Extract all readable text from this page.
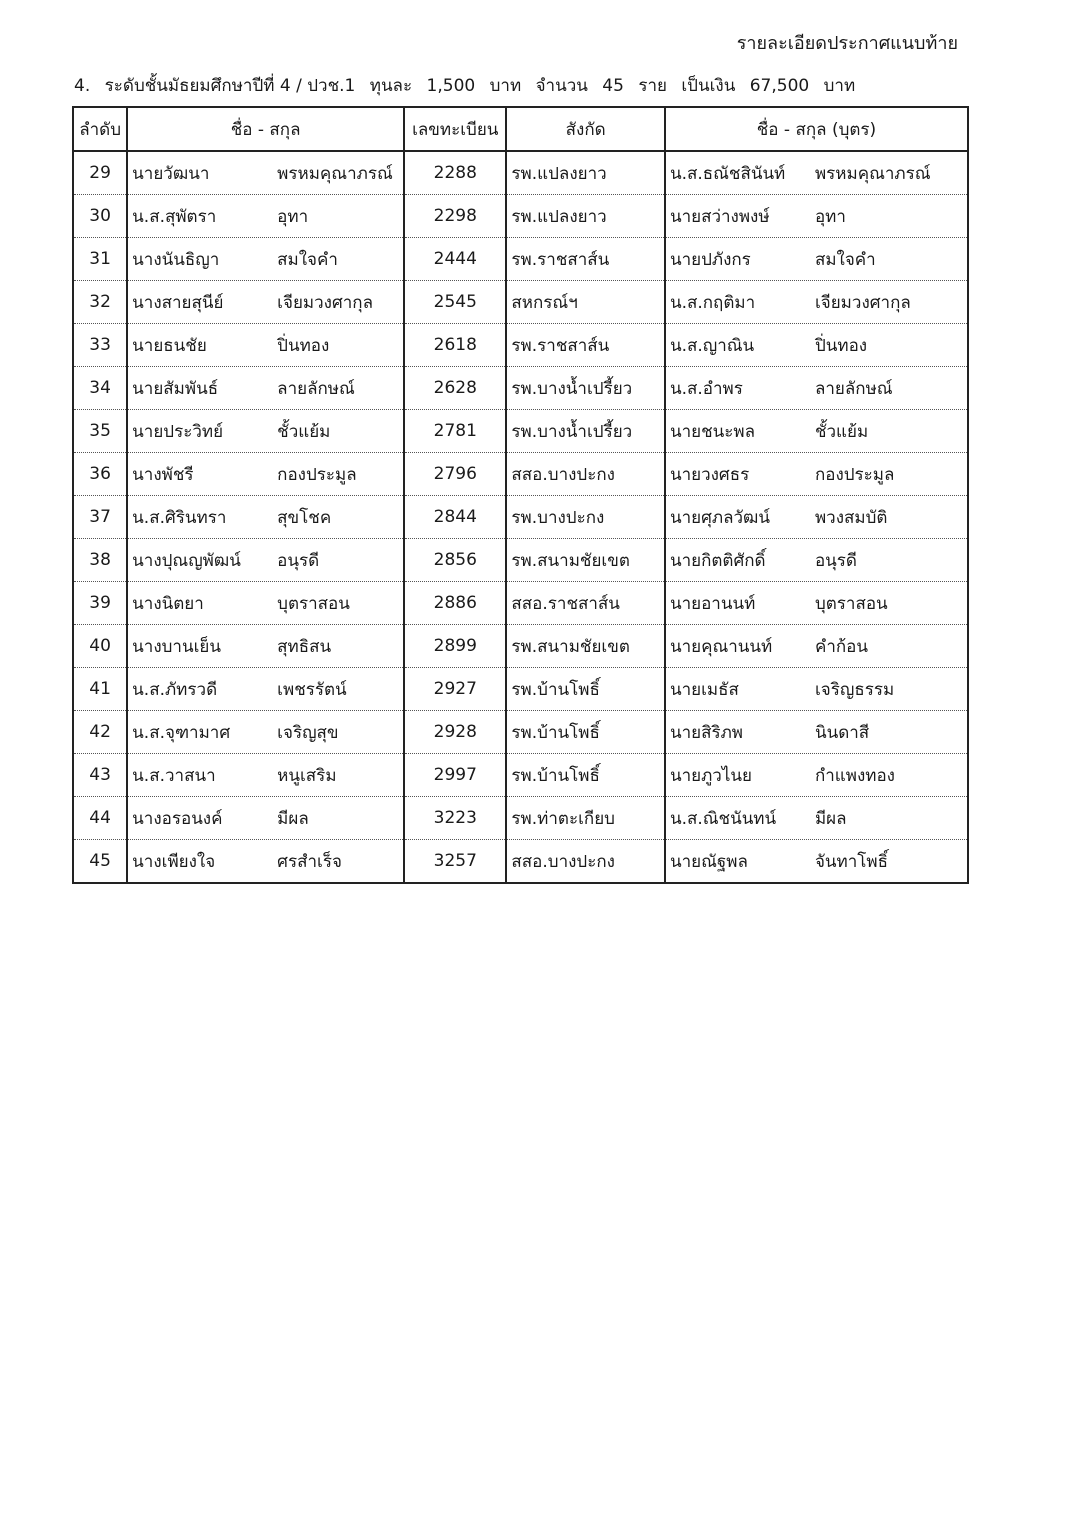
รายละเอียดประกาศแนบท้าย
4. ระดับชั้นมัธยมศึกษาปีที่ 4 / ปวช.1 ทุนละ 1,500 บาท จำนวน 45 ราย เป็นเงิน 67,500 บาท
ลำดับ	ชื่อ - สกุล	เลขทะเบียน	สังกัด	ชื่อ - สกุล (บุตร)
29	นายวัฒนา พรหมคุณาภรณ์	2288	รพ.แปลงยาว	น.ส.ธณัชสินันท์ พรหมคุณาภรณ์

30	น.ส.สุพัตรา อุทา	2298	รพ.แปลงยาว	นายสว่างพงษ์ อุทา

31	นางนันธิญา สมใจคำ	2444	รพ.ราชสาส์น	นายปภังกร สมใจคำ

32	นางสายสุนีย์ เจียมวงศากุล	2545	สหกรณ์ฯ	น.ส.กฤติมา เจียมวงศากุล

33	นายธนชัย ปิ่นทอง	2618	รพ.ราชสาส์น	น.ส.ญาณิน ปิ่นทอง

34	นายสัมพันธ์ ลายลักษณ์	2628	รพ.บางน้ำเปรี้ยว	น.ส.อำพร ลายลักษณ์

35	นายประวิทย์ ชั้วแย้ม	2781	รพ.บางน้ำเปรี้ยว	นายชนะพล ชั้วแย้ม

36	นางพัชรี กองประมูล	2796	สสอ.บางปะกง	นายวงศธร กองประมูล

37	น.ส.ศิรินทรา สุขโชค	2844	รพ.บางปะกง	นายศุภลวัฒน์ พวงสมบัติ

38	นางปุณญพัฒน์ อนุรดี	2856	รพ.สนามชัยเขต	นายกิตติศักดิ์ อนุรดี

39	นางนิตยา บุตราสอน	2886	สสอ.ราชสาส์น	นายอานนท์ บุตราสอน

40	นางบานเย็น สุทธิสน	2899	รพ.สนามชัยเขต	นายคุณานนท์ คำก้อน

41	น.ส.ภัทรวดี เพชรรัตน์	2927	รพ.บ้านโพธิ์	นายเมธัส เจริญธรรม

42	น.ส.จุฑามาศ เจริญสุข	2928	รพ.บ้านโพธิ์	นายสิริภพ นินดาสี

43	น.ส.วาสนา หนูเสริม	2997	รพ.บ้านโพธิ์	นายภูวไนย กำแพงทอง

44	นางอรอนงค์ มีผล	3223	รพ.ท่าตะเกียบ	น.ส.ณิชนันทน์ มีผล

45	นางเพียงใจ ศรสำเร็จ	3257	สสอ.บางปะกง	นายณัฐพล จันทาโพธิ์
